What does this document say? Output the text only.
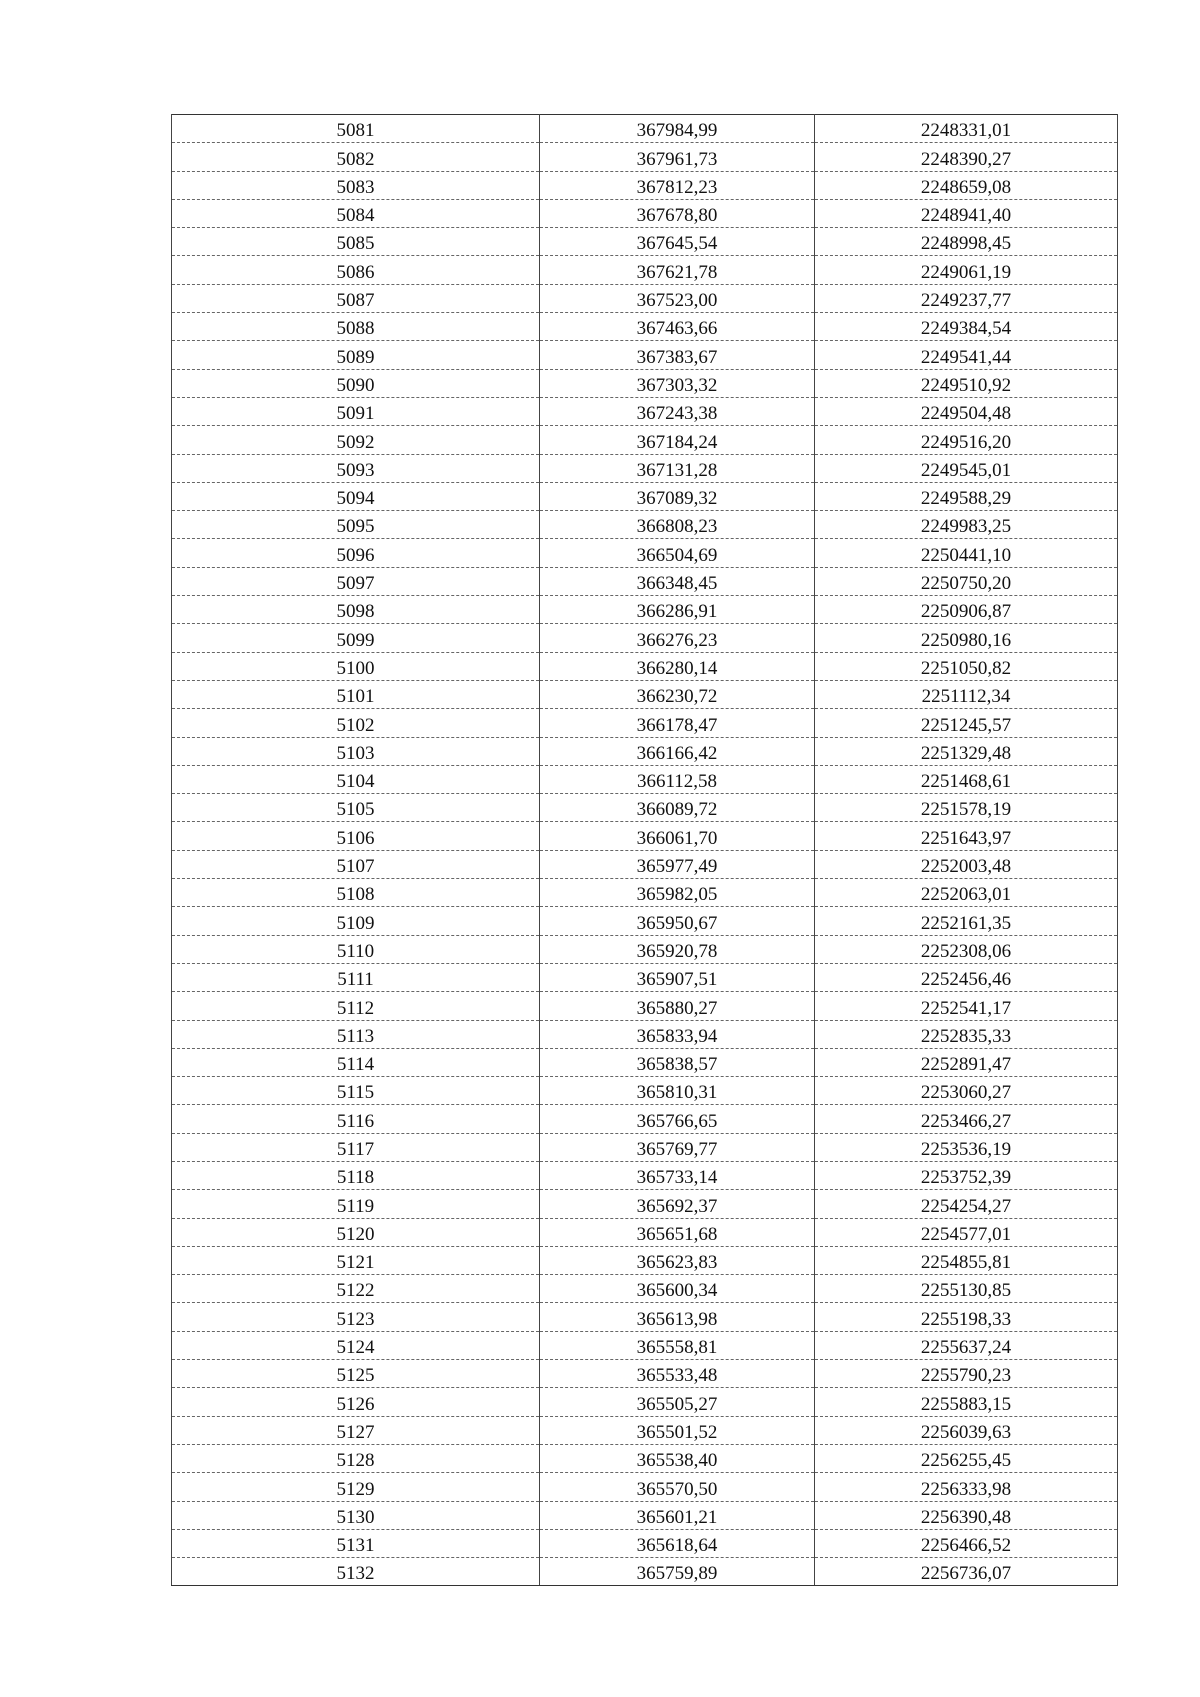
5081	367984,99	2248331,01
5082	367961,73	2248390,27
5083	367812,23	2248659,08
5084	367678,80	2248941,40
5085	367645,54	2248998,45
5086	367621,78	2249061,19
5087	367523,00	2249237,77
5088	367463,66	2249384,54
5089	367383,67	2249541,44
5090	367303,32	2249510,92
5091	367243,38	2249504,48
5092	367184,24	2249516,20
5093	367131,28	2249545,01
5094	367089,32	2249588,29
5095	366808,23	2249983,25
5096	366504,69	2250441,10
5097	366348,45	2250750,20
5098	366286,91	2250906,87
5099	366276,23	2250980,16
5100	366280,14	2251050,82
5101	366230,72	2251112,34
5102	366178,47	2251245,57
5103	366166,42	2251329,48
5104	366112,58	2251468,61
5105	366089,72	2251578,19
5106	366061,70	2251643,97
5107	365977,49	2252003,48
5108	365982,05	2252063,01
5109	365950,67	2252161,35
5110	365920,78	2252308,06
5111	365907,51	2252456,46
5112	365880,27	2252541,17
5113	365833,94	2252835,33
5114	365838,57	2252891,47
5115	365810,31	2253060,27
5116	365766,65	2253466,27
5117	365769,77	2253536,19
5118	365733,14	2253752,39
5119	365692,37	2254254,27
5120	365651,68	2254577,01
5121	365623,83	2254855,81
5122	365600,34	2255130,85
5123	365613,98	2255198,33
5124	365558,81	2255637,24
5125	365533,48	2255790,23
5126	365505,27	2255883,15
5127	365501,52	2256039,63
5128	365538,40	2256255,45
5129	365570,50	2256333,98
5130	365601,21	2256390,48
5131	365618,64	2256466,52
5132	365759,89	2256736,07
